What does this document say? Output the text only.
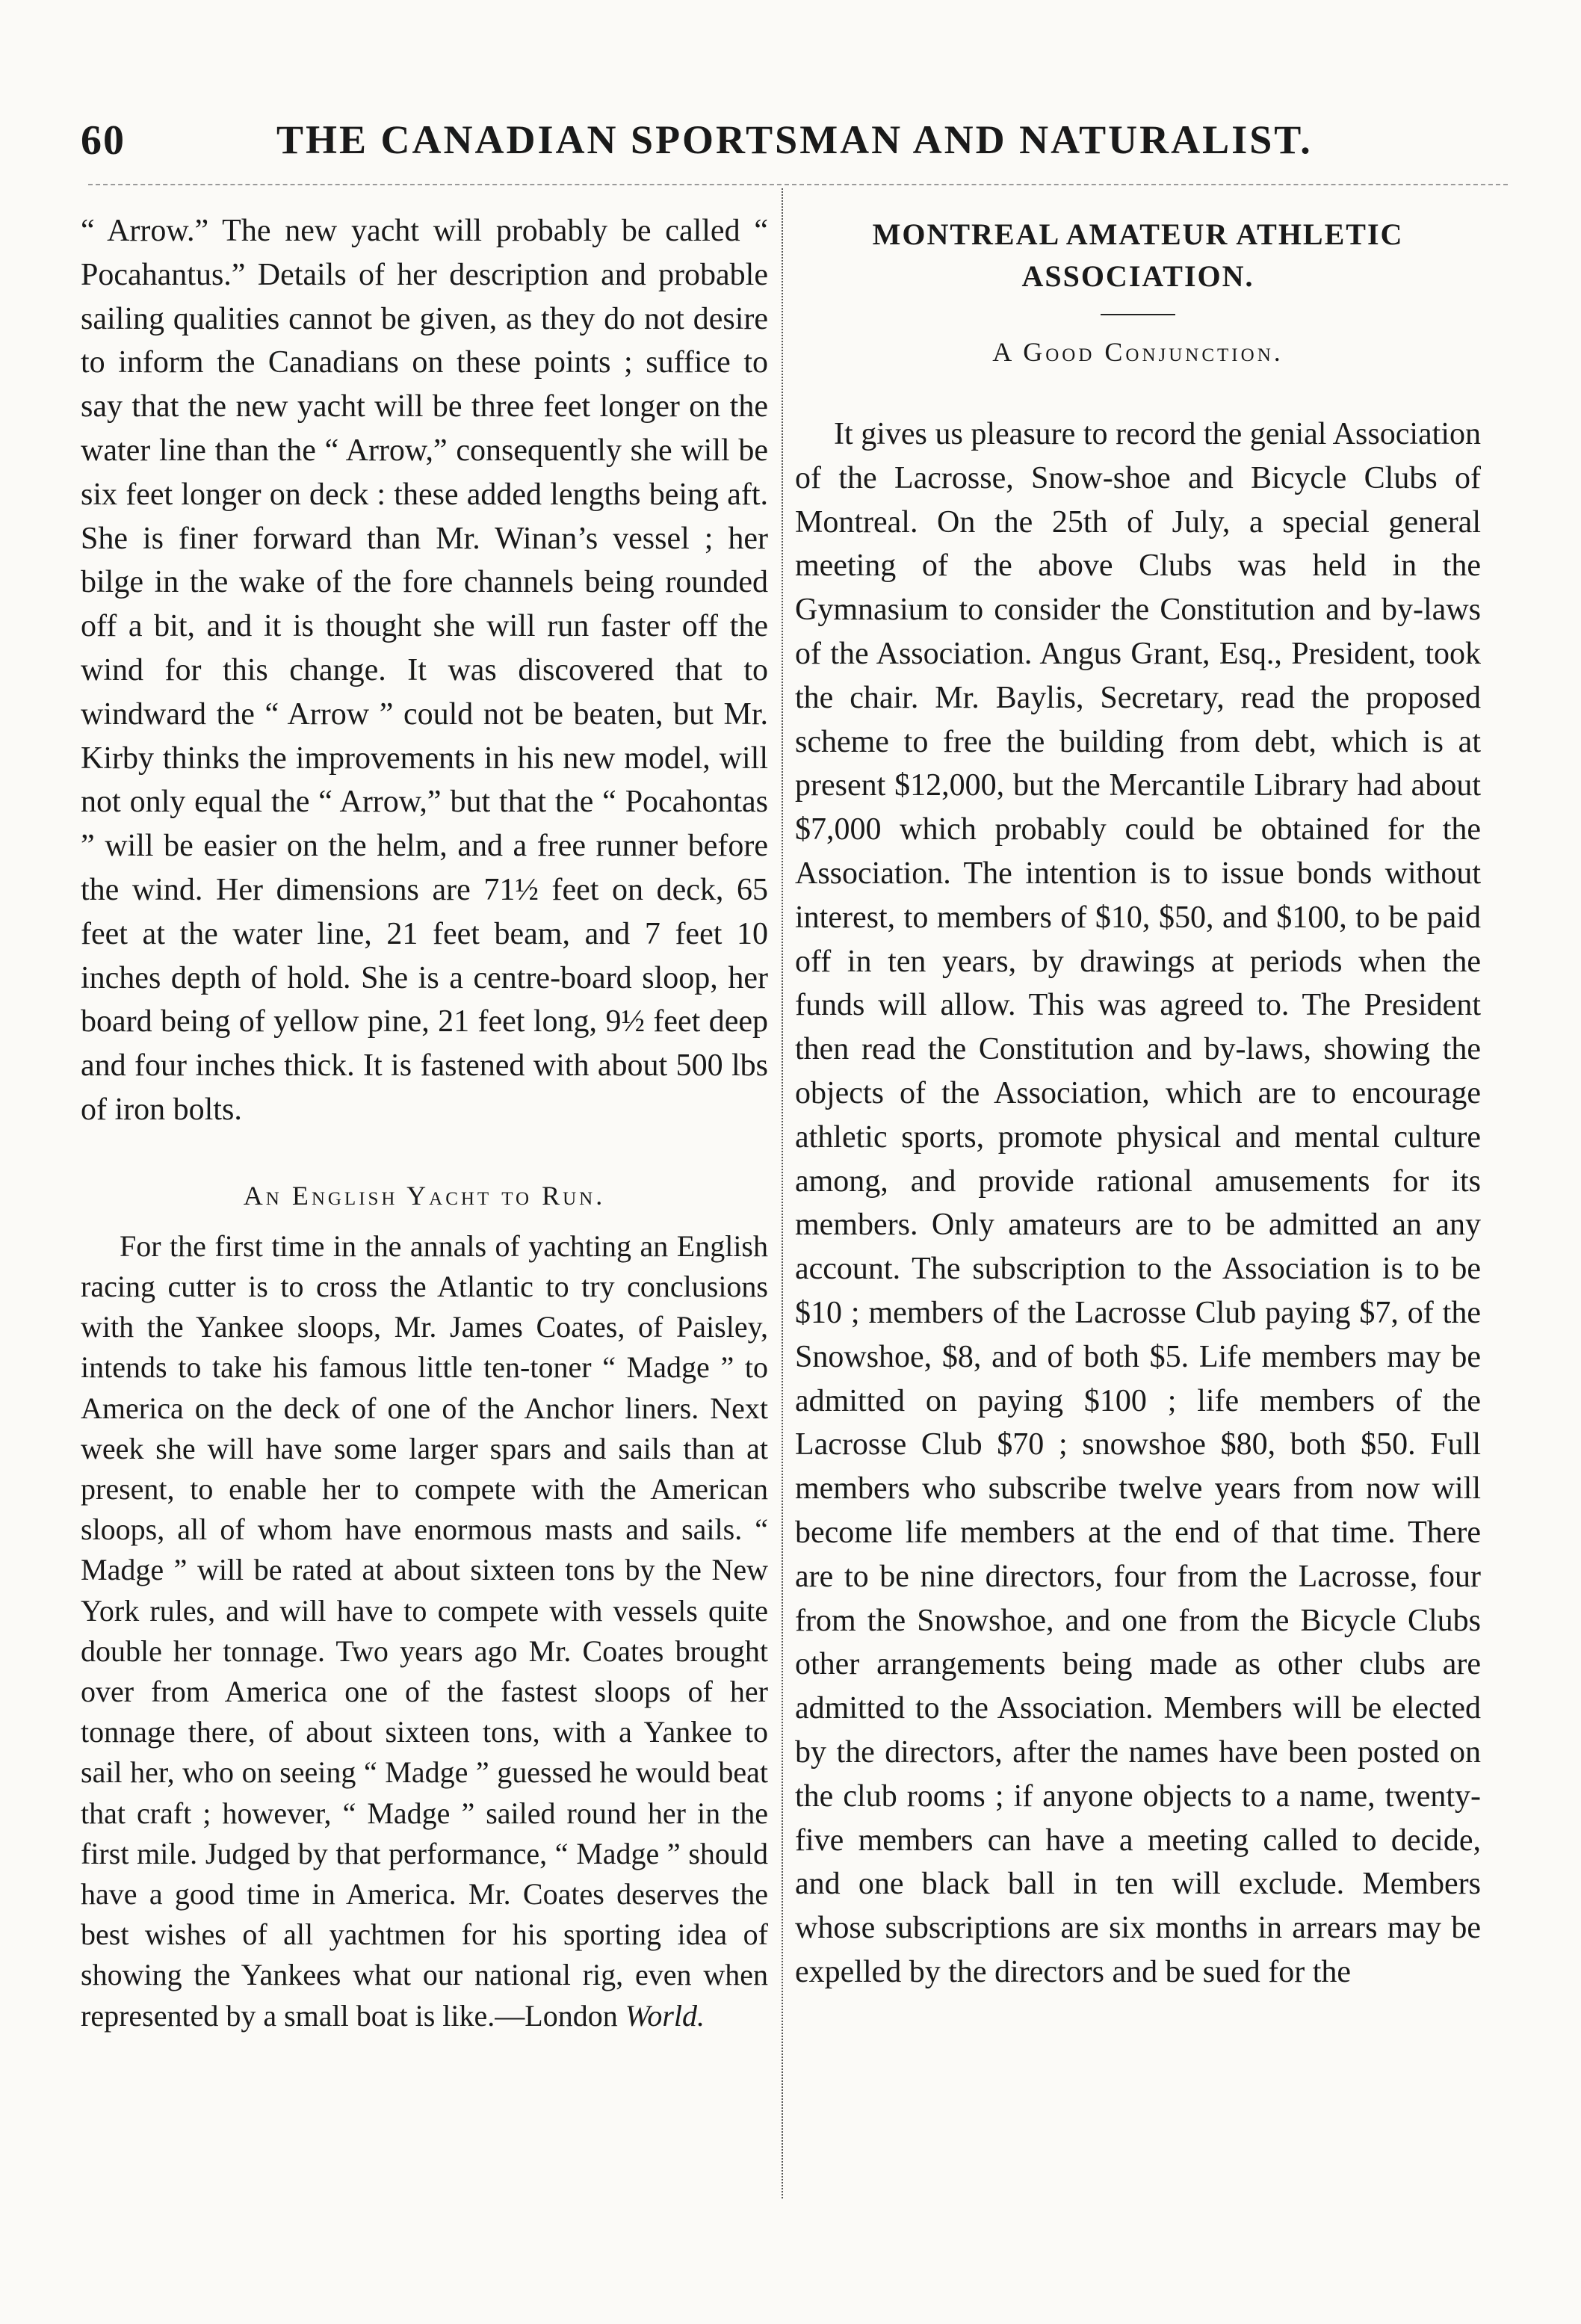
60	THE CANADIAN SPORTSMAN AND NATURALIST.

“ Arrow.” The new yacht will probably be called “ Pocahantus.” Details of her description and probable sailing qualities cannot be given, as they do not desire to inform the Canadians on these points ; suffice to say that the new yacht will be three feet longer on the water line than the “ Arrow,” consequently she will be six feet longer on deck : these added lengths being aft. She is finer forward than Mr. Winan’s vessel ; her bilge in the wake of the fore channels being rounded off a bit, and it is thought she will run faster off the wind for this change. It was discovered that to windward the “ Arrow ” could not be beaten, but Mr. Kirby thinks the improvements in his new model, will not only equal the “ Arrow,” but that the “ Pocahontas ” will be easier on the helm, and a free runner before the wind. Her dimensions are 71½ feet on deck, 65 feet at the water line, 21 feet beam, and 7 feet 10 inches depth of hold. She is a centre-board sloop, her board being of yellow pine, 21 feet long, 9½ feet deep and four inches thick. It is fastened with about 500 lbs of iron bolts.

An English Yacht to Run.

For the first time in the annals of yachting an English racing cutter is to cross the Atlantic to try conclusions with the Yankee sloops, Mr. James Coates, of Paisley, intends to take his famous little ten-toner “ Madge ” to America on the deck of one of the Anchor liners. Next week she will have some larger spars and sails than at present, to enable her to compete with the American sloops, all of whom have enormous masts and sails. “ Madge ” will be rated at about sixteen tons by the New York rules, and will have to compete with vessels quite double her tonnage. Two years ago Mr. Coates brought over from America one of the fastest sloops of her tonnage there, of about sixteen tons, with a Yankee to sail her, who on seeing “ Madge ” guessed he would beat that craft ; however, “ Madge ” sailed round her in the first mile. Judged by that performance, “ Madge ” should have a good time in America. Mr. Coates deserves the best wishes of all yachtmen for his sporting idea of showing the Yankees what our national rig, even when represented by a small boat is like.—London World.

MONTREAL AMATEUR ATHLETIC ASSOCIATION.
A Good Conjunction.

It gives us pleasure to record the genial Association of the Lacrosse, Snow-shoe and Bicycle Clubs of Montreal. On the 25th of July, a special general meeting of the above Clubs was held in the Gymnasium to consider the Constitution and by-laws of the Association. Angus Grant, Esq., President, took the chair. Mr. Baylis, Secretary, read the proposed scheme to free the building from debt, which is at present $12,000, but the Mercantile Library had about $7,000 which probably could be obtained for the Association. The intention is to issue bonds without interest, to members of $10, $50, and $100, to be paid off in ten years, by drawings at periods when the funds will allow. This was agreed to. The President then read the Constitution and by-laws, showing the objects of the Association, which are to encourage athletic sports, promote physical and mental culture among, and provide rational amusements for its members. Only amateurs are to be admitted an any account. The subscription to the Association is to be $10 ; members of the Lacrosse Club paying $7, of the Snowshoe, $8, and of both $5. Life members may be admitted on paying $100 ; life members of the Lacrosse Club $70 ; snowshoe $80, both $50. Full members who subscribe twelve years from now will become life members at the end of that time. There are to be nine directors, four from the Lacrosse, four from the Snowshoe, and one from the Bicycle Clubs other arrangements being made as other clubs are admitted to the Association. Members will be elected by the directors, after the names have been posted on the club rooms ; if anyone objects to a name, twenty-five members can have a meeting called to decide, and one black ball in ten will exclude. Members whose subscriptions are six months in arrears may be expelled by the directors and be sued for the
